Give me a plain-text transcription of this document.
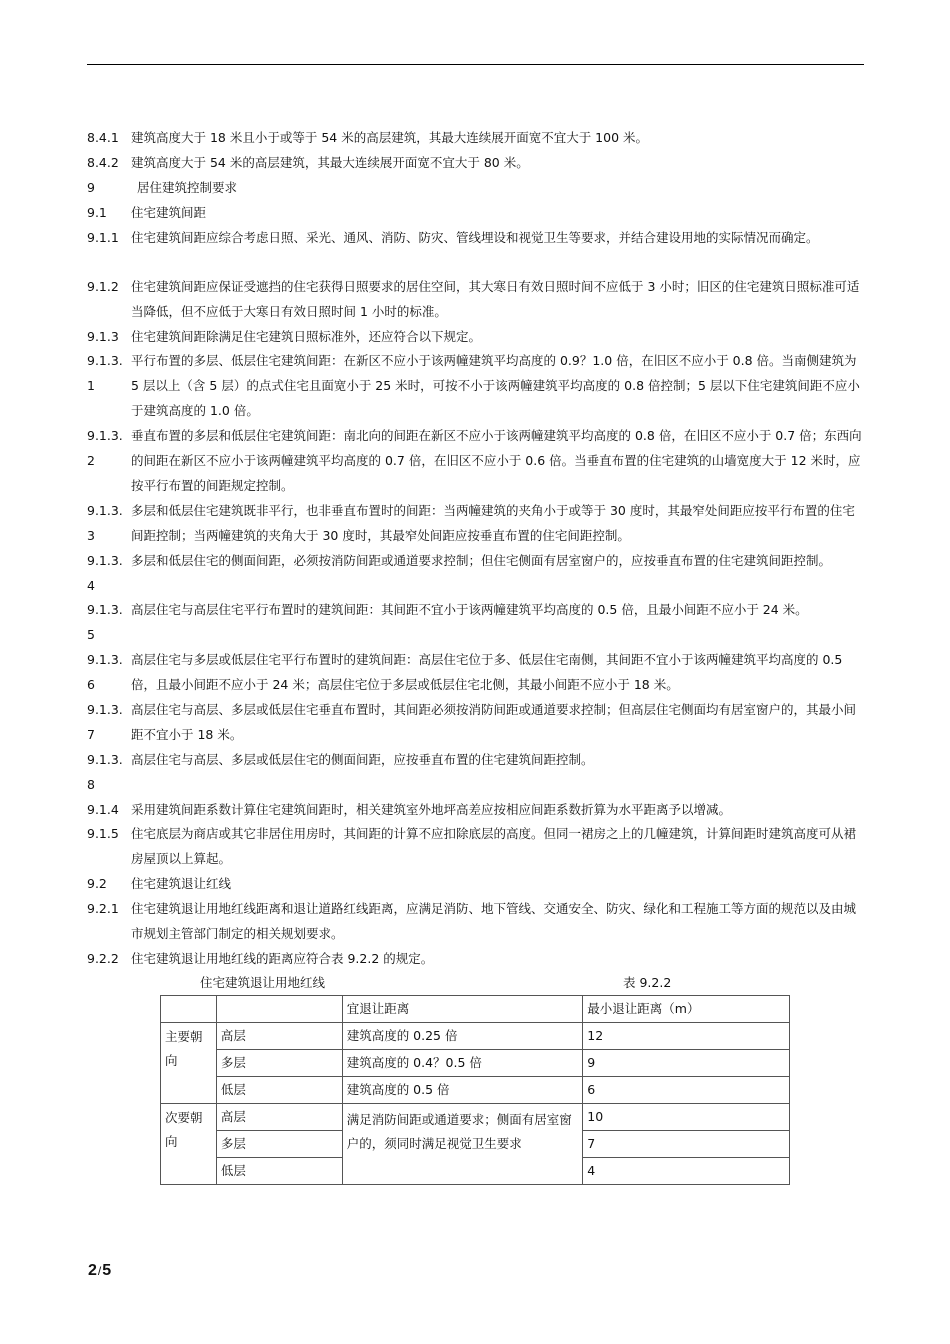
8.4.1 建筑高度大于 18 米且小于或等于 54 米的高层建筑，其最大连续展开面宽不宜大于 100 米。
8.4.2 建筑高度大于 54 米的高层建筑，其最大连续展开面宽不宜大于 80 米。
9	居住建筑控制要求
9.1	住宅建筑间距
9.1.1 住宅建筑间距应综合考虑日照、采光、通风、消防、防灾、管线埋设和视觉卫生等要求，并结合建设用地的实际情况而确定。
9.1.2 住宅建筑间距应保证受遮挡的住宅获得日照要求的居住空间，其大寒日有效日照时间不应低于 3 小时；旧区的住宅建筑日照标准可适当降低，但不应低于大寒日有效日照时间 1 小时的标准。
9.1.3 住宅建筑间距除满足住宅建筑日照标准外，还应符合以下规定。
9.1.3.
1
平行布置的多层、低层住宅建筑间距：在新区不应小于该两幢建筑平均高度的 0.9？1.0 倍，在旧区不应小于 0.8 倍。当南侧建筑为 5 层以上（含 5 层）的点式住宅且面宽小于 25 米时，可按不小于该两幢建筑平均高度的 0.8 倍控制；5 层以下住宅建筑间距不应小于建筑高度的 1.0 倍。
9.1.3.
2
垂直布置的多层和低层住宅建筑间距：南北向的间距在新区不应小于该两幢建筑平均高度的 0.8 倍，在旧区不应小于 0.7 倍；东西向的间距在新区不应小于该两幢建筑平均高度的 0.7 倍，在旧区不应小于 0.6 倍。当垂直布置的住宅建筑的山墙宽度大于 12 米时，应按平行布置的间距规定控制。
9.1.3.
3
多层和低层住宅建筑既非平行，也非垂直布置时的间距：当两幢建筑的夹角小于或等于 30 度时，其最窄处间距应按平行布置的住宅间距控制；当两幢建筑的夹角大于 30 度时，其最窄处间距应按垂直布置的住宅间距控制。
9.1.3.
4
多层和低层住宅的侧面间距，必须按消防间距或通道要求控制；但住宅侧面有居室窗户的，应按垂直布置的住宅建筑间距控制。
9.1.3.
5
高层住宅与高层住宅平行布置时的建筑间距：其间距不宜小于该两幢建筑平均高度的 0.5 倍，且最小间距不应小于 24 米。
9.1.3.
6
高层住宅与多层或低层住宅平行布置时的建筑间距：高层住宅位于多、低层住宅南侧，其间距不宜小于该两幢建筑平均高度的 0.5 倍，且最小间距不应小于 24 米；高层住宅位于多层或低层住宅北侧，其最小间距不应小于 18 米。
9.1.3.
7
高层住宅与高层、多层或低层住宅垂直布置时，其间距必须按消防间距或通道要求控制；但高层住宅侧面均有居室窗户的，其最小间距不宜小于 18 米。
9.1.3.
8
高层住宅与高层、多层或低层住宅的侧面间距，应按垂直布置的住宅建筑间距控制。
9.1.4 采用建筑间距系数计算住宅建筑间距时，相关建筑室外地坪高差应按相应间距系数折算为水平距离予以增减。
9.1.5 住宅底层为商店或其它非居住用房时，其间距的计算不应扣除底层的高度。但同一裙房之上的几幢建筑，计算间距时建筑高度可从裙房屋顶以上算起。
9.2	住宅建筑退让红线
9.2.1 住宅建筑退让用地红线距离和退让道路红线距离，应满足消防、地下管线、交通安全、防灾、绿化和工程施工等方面的规范以及由城市规划主管部门制定的相关规划要求。
9.2.2 住宅建筑退让用地红线的距离应符合表 9.2.2 的规定。
住宅建筑退让用地红线	表 9.2.2
		宜退让距离	最小退让距离（m）
主要朝向	高层	建筑高度的 0.25 倍	12
	多层	建筑高度的 0.4？0.5 倍	9
	低层	建筑高度的 0.5 倍	6
次要朝向	高层	满足消防间距或通道要求；侧面有居室窗户的，须同时满足视觉卫生要求	10
	多层		7
	低层		4
2/5
